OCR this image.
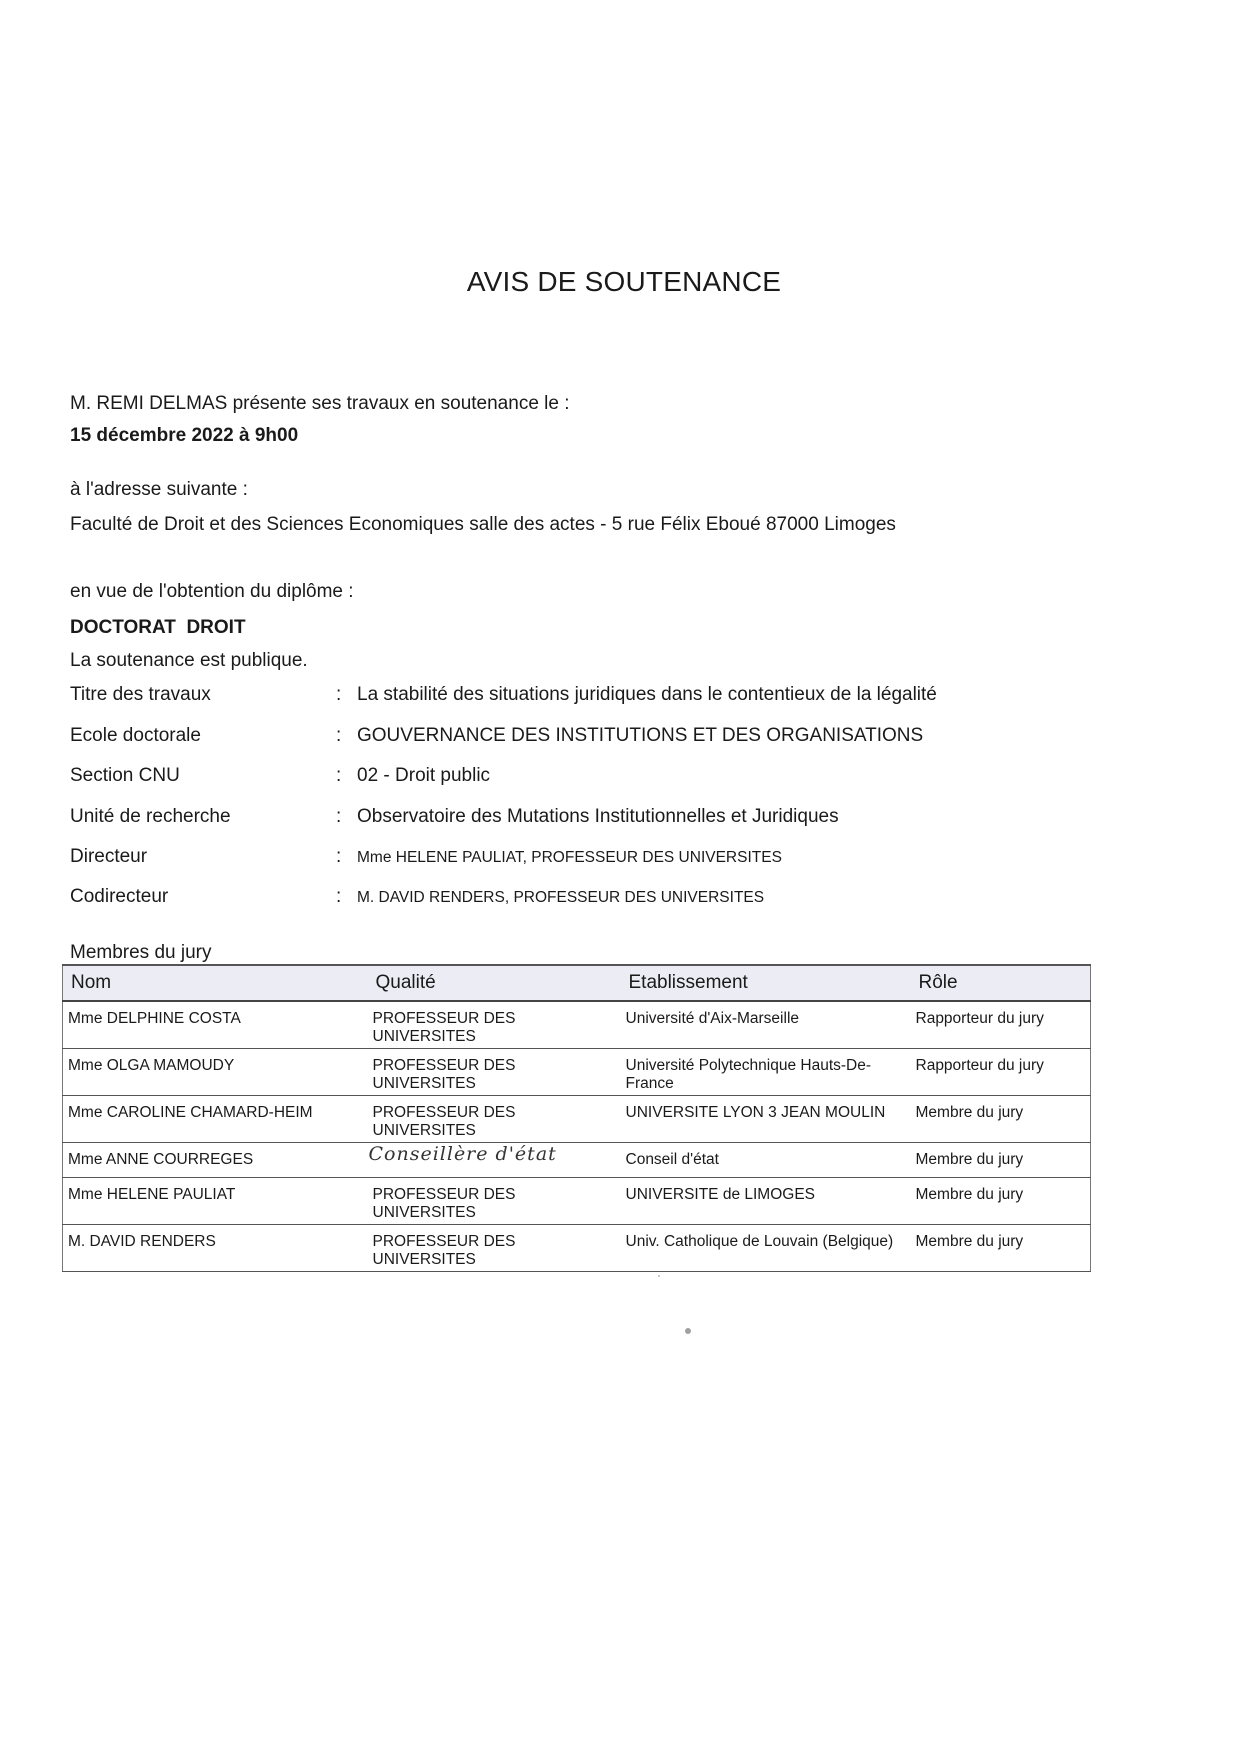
AVIS DE SOUTENANCE
M. REMI DELMAS présente ses travaux en soutenance le :
15 décembre 2022 à 9h00
à l'adresse suivante :
Faculté de Droit et des Sciences Economiques salle des actes - 5 rue Félix Eboué 87000 Limoges
en vue de l'obtention du diplôme :
DOCTORAT  DROIT
La soutenance est publique.
Titre des travaux	: La stabilité des situations juridiques dans le contentieux de la légalité
Ecole doctorale	: GOUVERNANCE DES INSTITUTIONS ET DES ORGANISATIONS
Section CNU	: 02 - Droit public
Unité de recherche	: Observatoire des Mutations Institutionnelles et Juridiques
Directeur	: Mme HELENE PAULIAT, PROFESSEUR DES UNIVERSITES
Codirecteur	: M. DAVID RENDERS, PROFESSEUR DES UNIVERSITES
Membres du jury
Nom	Qualité	Etablissement	Rôle
Mme DELPHINE COSTA	PROFESSEUR DES UNIVERSITES	Université d'Aix-Marseille	Rapporteur du jury
Mme OLGA MAMOUDY	PROFESSEUR DES UNIVERSITES	Université Polytechnique Hauts-De-France	Rapporteur du jury
Mme CAROLINE CHAMARD-HEIM	PROFESSEUR DES UNIVERSITES	UNIVERSITE LYON 3 JEAN MOULIN	Membre du jury
Mme ANNE COURREGES	Conseillère d'état	Conseil d'état	Membre du jury
Mme HELENE PAULIAT	PROFESSEUR DES UNIVERSITES	UNIVERSITE de LIMOGES	Membre du jury
M. DAVID RENDERS	PROFESSEUR DES UNIVERSITES	Univ. Catholique de Louvain (Belgique)	Membre du jury
